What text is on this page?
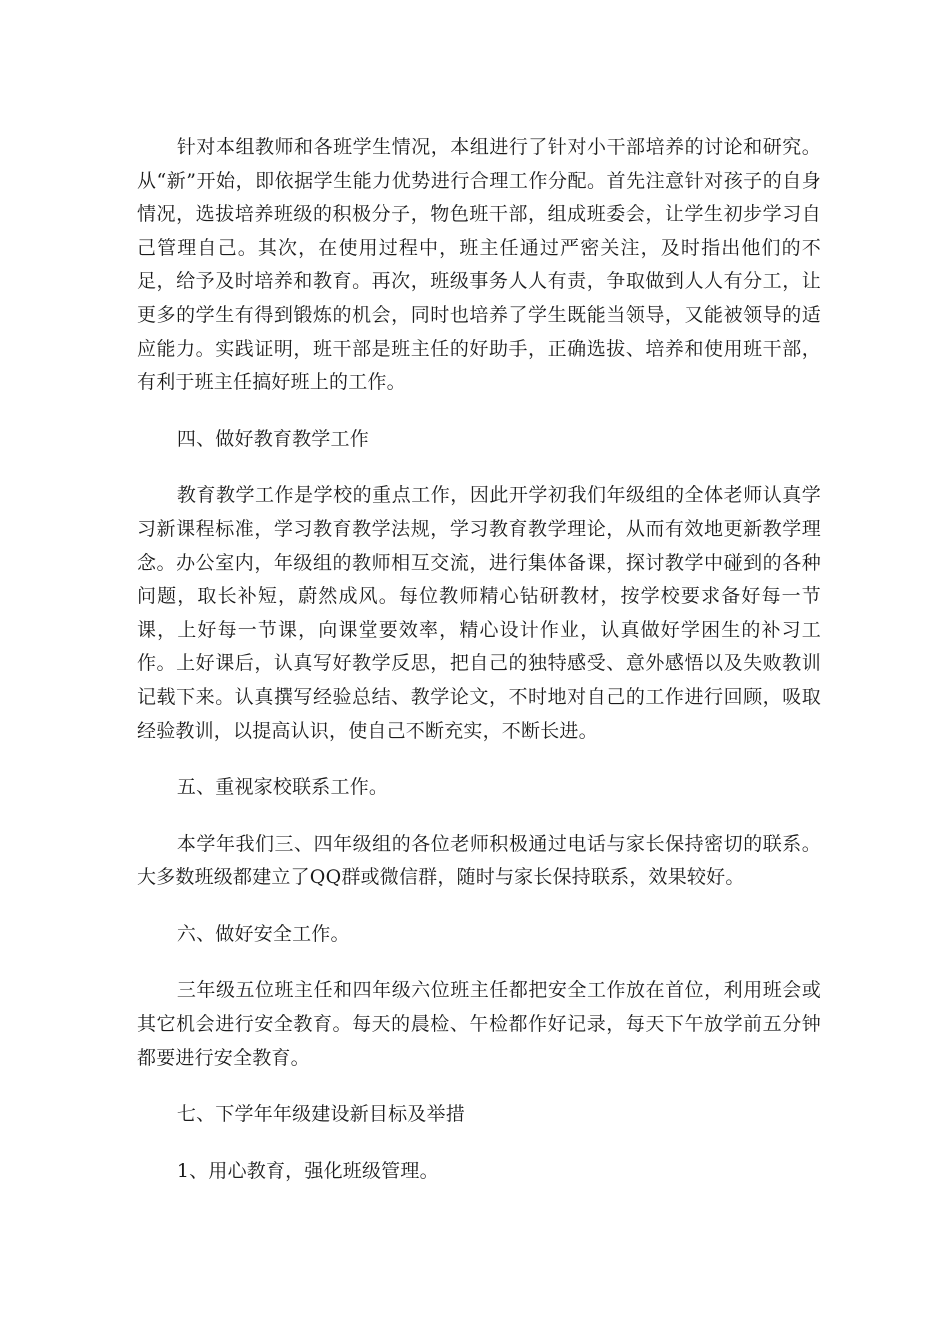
针对本组教师和各班学生情况，本组进行了针对小干部培养的讨论和研究。从“新”开始，即依据学生能力优势进行合理工作分配。首先注意针对孩子的自身情况，选拔培养班级的积极分子，物色班干部，组成班委会，让学生初步学习自己管理自己。其次，在使用过程中，班主任通过严密关注，及时指出他们的不足，给予及时培养和教育。再次，班级事务人人有责，争取做到人人有分工，让更多的学生有得到锻炼的机会，同时也培养了学生既能当领导，又能被领导的适应能力。实践证明，班干部是班主任的好助手，正确选拔、培养和使用班干部，有利于班主任搞好班上的工作。

四、做好教育教学工作

教育教学工作是学校的重点工作，因此开学初我们年级组的全体老师认真学习新课程标准，学习教育教学法规，学习教育教学理论，从而有效地更新教学理念。办公室内，年级组的教师相互交流，进行集体备课，探讨教学中碰到的各种问题，取长补短，蔚然成风。每位教师精心钻研教材，按学校要求备好每一节课，上好每一节课，向课堂要效率，精心设计作业，认真做好学困生的补习工作。上好课后，认真写好教学反思，把自己的独特感受、意外感悟以及失败教训记载下来。认真撰写经验总结、教学论文，不时地对自己的工作进行回顾，吸取经验教训，以提高认识，使自己不断充实，不断长进。

五、重视家校联系工作。

本学年我们三、四年级组的各位老师积极通过电话与家长保持密切的联系。大多数班级都建立了QQ群或微信群，随时与家长保持联系，效果较好。

六、做好安全工作。

三年级五位班主任和四年级六位班主任都把安全工作放在首位，利用班会或其它机会进行安全教育。每天的晨检、午检都作好记录，每天下午放学前五分钟都要进行安全教育。

七、下学年年级建设新目标及举措

1、用心教育，强化班级管理。
